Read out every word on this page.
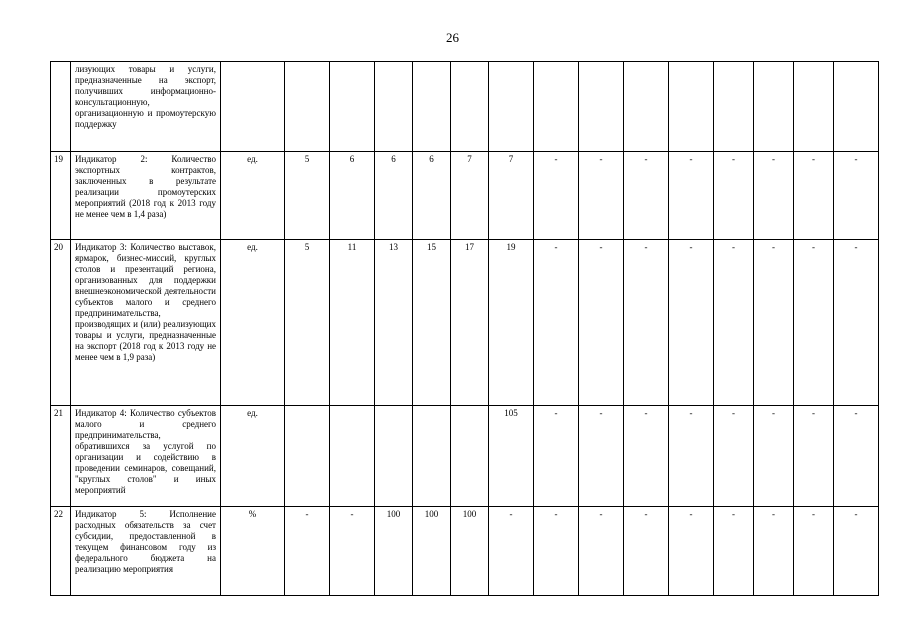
26
	лизующих товары и услуги, предназначенные на экспорт, получивших информационно-консультационную, организационную и промоутерскую поддержку															
19	Индикатор 2: Количество экспортных контрактов, заключенных в результате реализации промоутерских мероприятий (2018 год к 2013 году не менее чем в 1,4 раза)	ед.	5	6	6	6	7	7	-	-	-	-	-	-	-	-
20	Индикатор 3: Количество выставок, ярмарок, бизнес-миссий, круглых столов и презентаций региона, организованных для поддержки внешнеэкономической деятельности субъектов малого и среднего предпринимательства, производящих и (или) реализующих товары и услуги, предназначенные на экспорт (2018 год к 2013 году не менее чем в 1,9 раза)	ед.	5	11	13	15	17	19	-	-	-	-	-	-	-	-
21	Индикатор 4: Количество субъектов малого и среднего предпринимательства, обратившихся за услугой по организации и содействию в проведении семинаров, совещаний, "круглых столов" и иных мероприятий	ед.						105	-	-	-	-	-	-	-	-
22	Индикатор 5: Исполнение расходных обязательств за счет субсидии, предоставленной в текущем финансовом году из федерального бюджета на реализацию мероприятия	%	-	-	100	100	100	-	-	-	-	-	-	-	-	-
